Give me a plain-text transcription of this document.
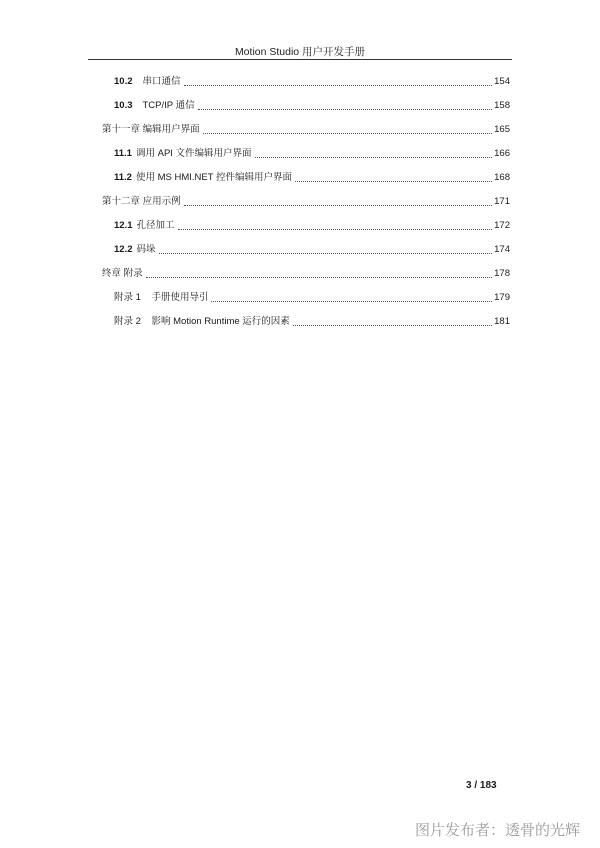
Motion Studio 用户开发手册
10.2 串口通信	154
10.3 TCP/IP 通信	158
第十一章 编辑用户界面	165
11.1 调用 API 文件编辑用户界面	166
11.2 使用 MS HMI.NET 控件编辑用户界面	168
第十二章 应用示例	171
12.1 孔径加工	172
12.2 码垛	174
终章 附录	178
附录 1    手册使用导引	179
附录 2    影响 Motion Runtime 运行的因素	181
3 / 183
图片发布者：透骨的光辉
